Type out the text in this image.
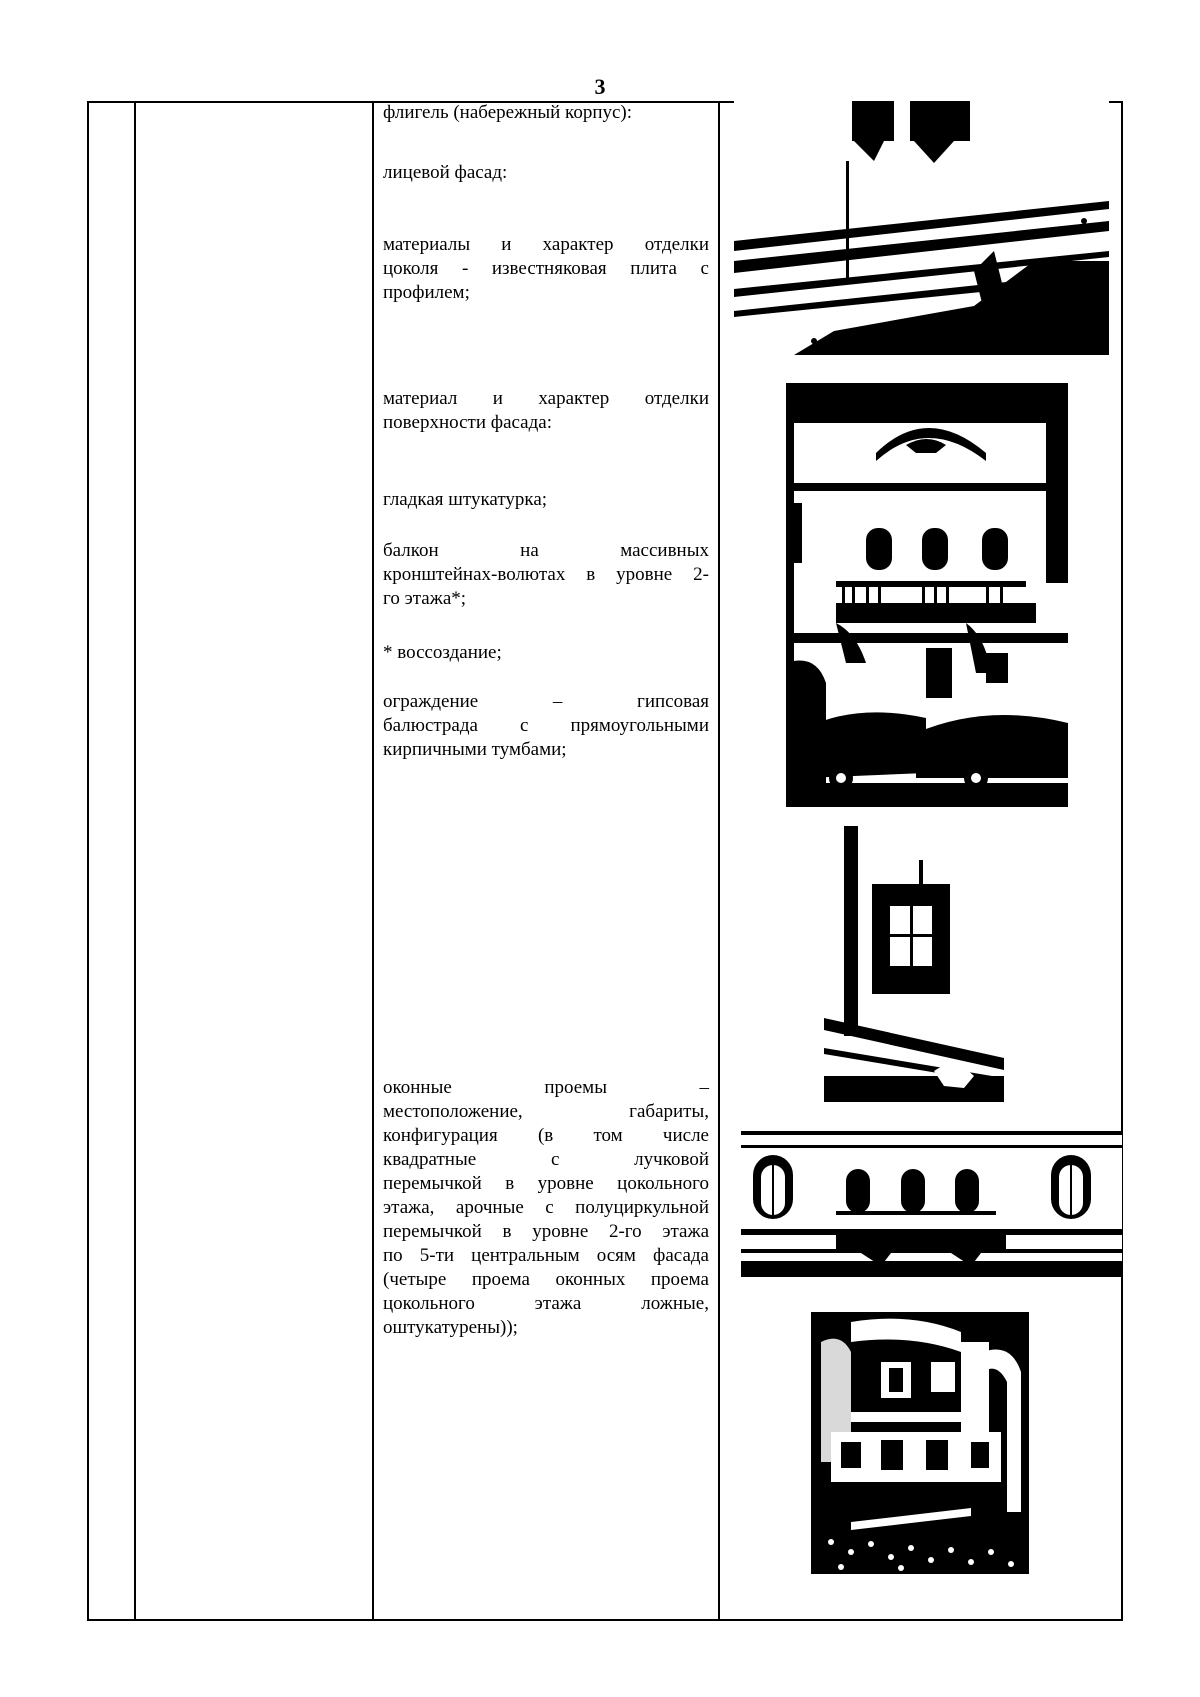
3
флигель (набережный корпус):
лицевой фасад:
материалы и характер отделки
цоколя - известняковая плита с
профилем;
материал и характер отделки
поверхности фасада:
гладкая штукатурка;
балкон на массивных
кронштейнах-волютах в уровне 2-
го этажа*;
* воссоздание;
ограждение – гипсовая
балюстрада с прямоугольными
кирпичными тумбами;
оконные проемы –
местоположение, габариты,
конфигурация (в том числе
квадратные с лучковой
перемычкой в уровне цокольного
этажа, арочные с полуциркульной
перемычкой в уровне 2-го этажа
по 5-ти центральным осям фасада
(четыре проема оконных проема
цокольного этажа ложные,
оштукатурены));
